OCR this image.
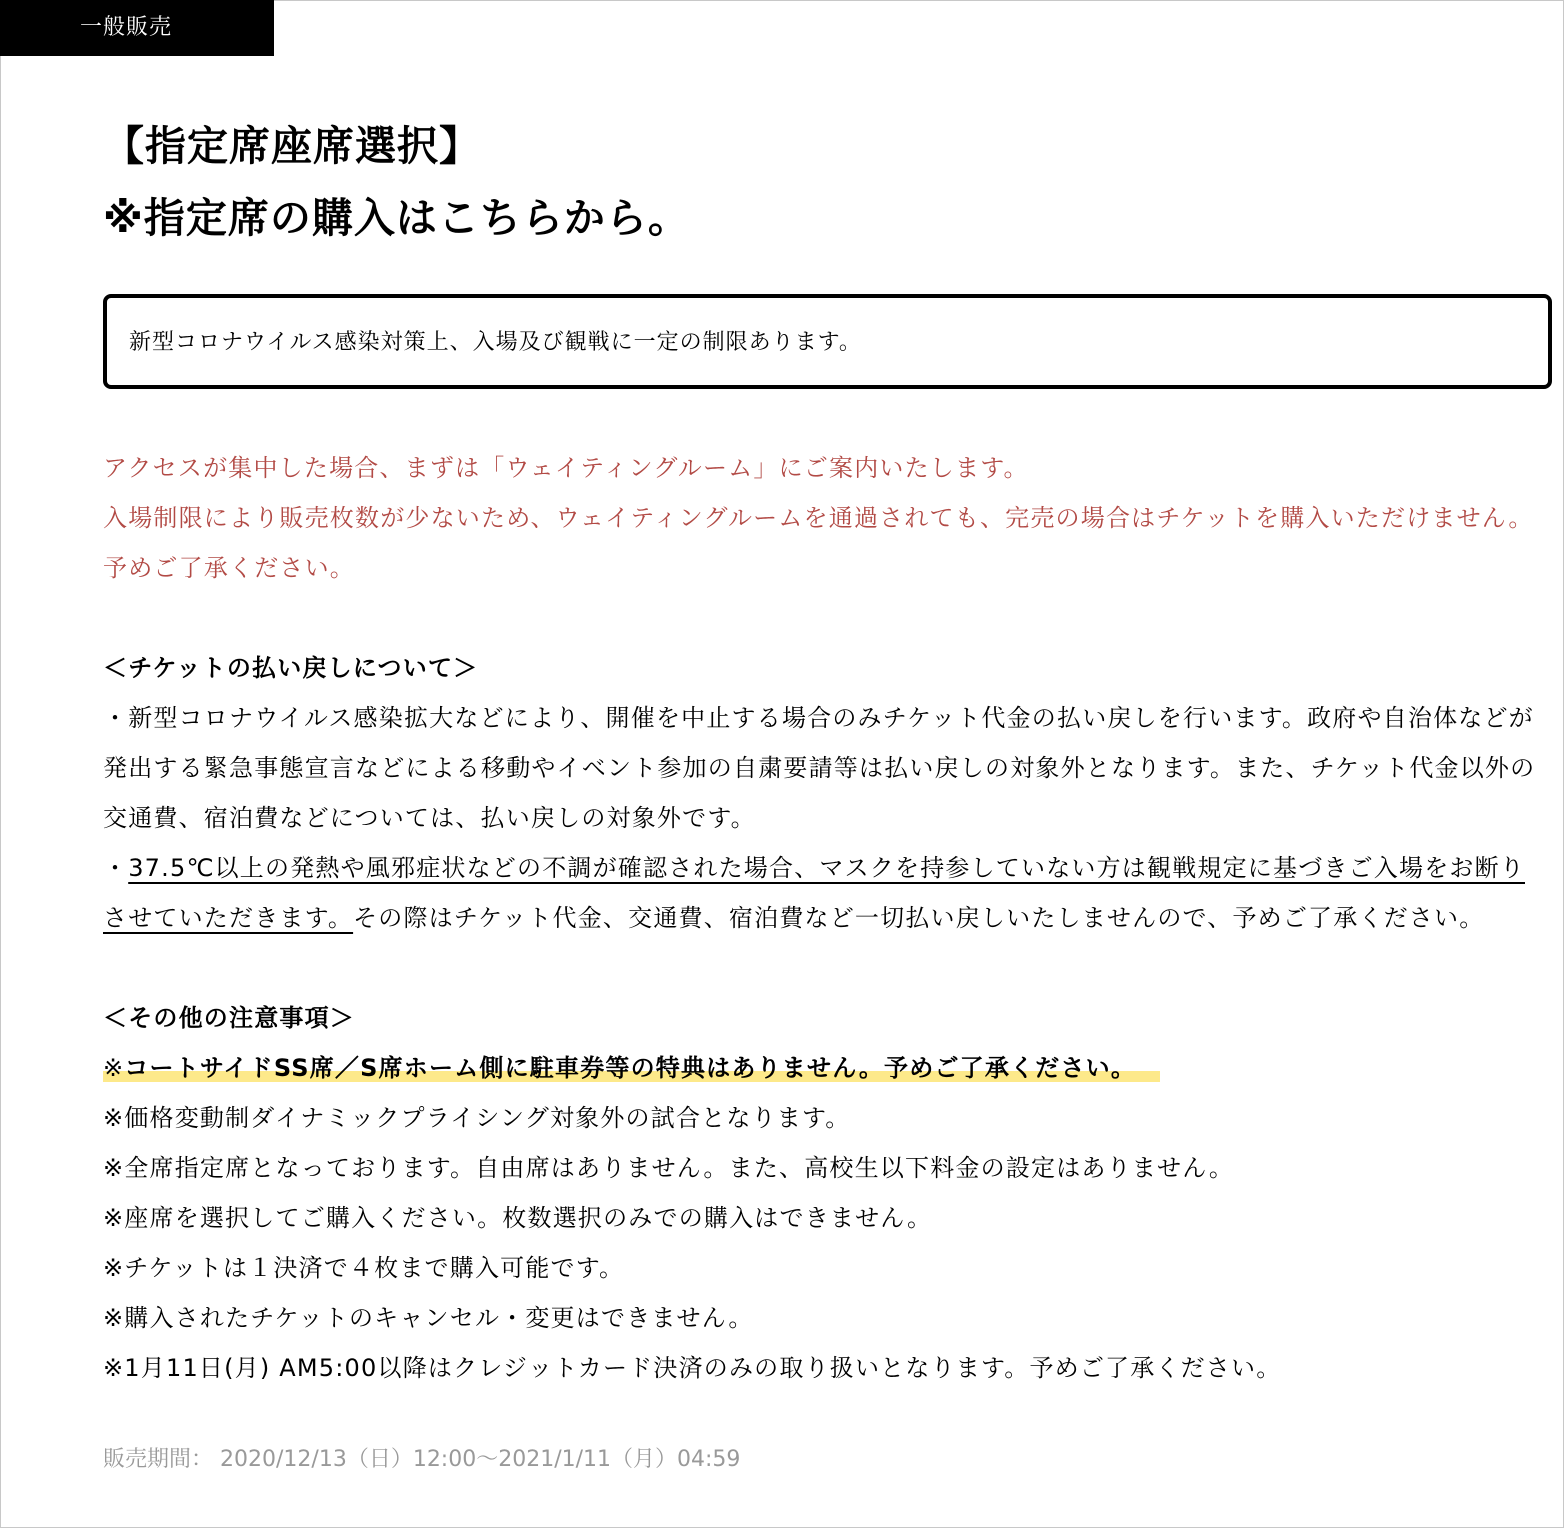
一般販売
【指定席座席選択】
※指定席の購入はこちらから。
新型コロナウイルス感染対策上、入場及び観戦に一定の制限あります。

アクセスが集中した場合、まずは「ウェイティングルーム」にご案内いたします。

入場制限により販売枚数が少ないため、ウェイティングルームを通過されても、完売の場合はチケットを購入いただけません。予めご了承ください。

＜チケットの払い戻しについて＞

・新型コロナウイルス感染拡大などにより、開催を中止する場合のみチケット代金の払い戻しを行います。政府や自治体などが発出する緊急事態宣言などによる移動やイベント参加の自粛要請等は払い戻しの対象外となります。また、チケット代金以外の交通費、宿泊費などについては、払い戻しの対象外です。

・37.5℃以上の発熱や風邪症状などの不調が確認された場合、マスクを持参していない方は観戦規定に基づきご入場をお断りさせていただきます。その際はチケット代金、交通費、宿泊費など一切払い戻しいたしませんので、予めご了承ください。

＜その他の注意事項＞

※コートサイドSS席／S席ホーム側に駐車券等の特典はありません。予めご了承ください。

※価格変動制ダイナミックプライシング対象外の試合となります。

※全席指定席となっております。自由席はありません。また、高校生以下料金の設定はありません。

※座席を選択してご購入ください。枚数選択のみでの購入はできません。

※チケットは１決済で４枚まで購入可能です。

※購入されたチケットのキャンセル・変更はできません。

※1月11日(月) AM5:00以降はクレジットカード決済のみの取り扱いとなります。予めご了承ください。

販売期間： 2020/12/13（日）12:00〜2021/1/11（月）04:59
